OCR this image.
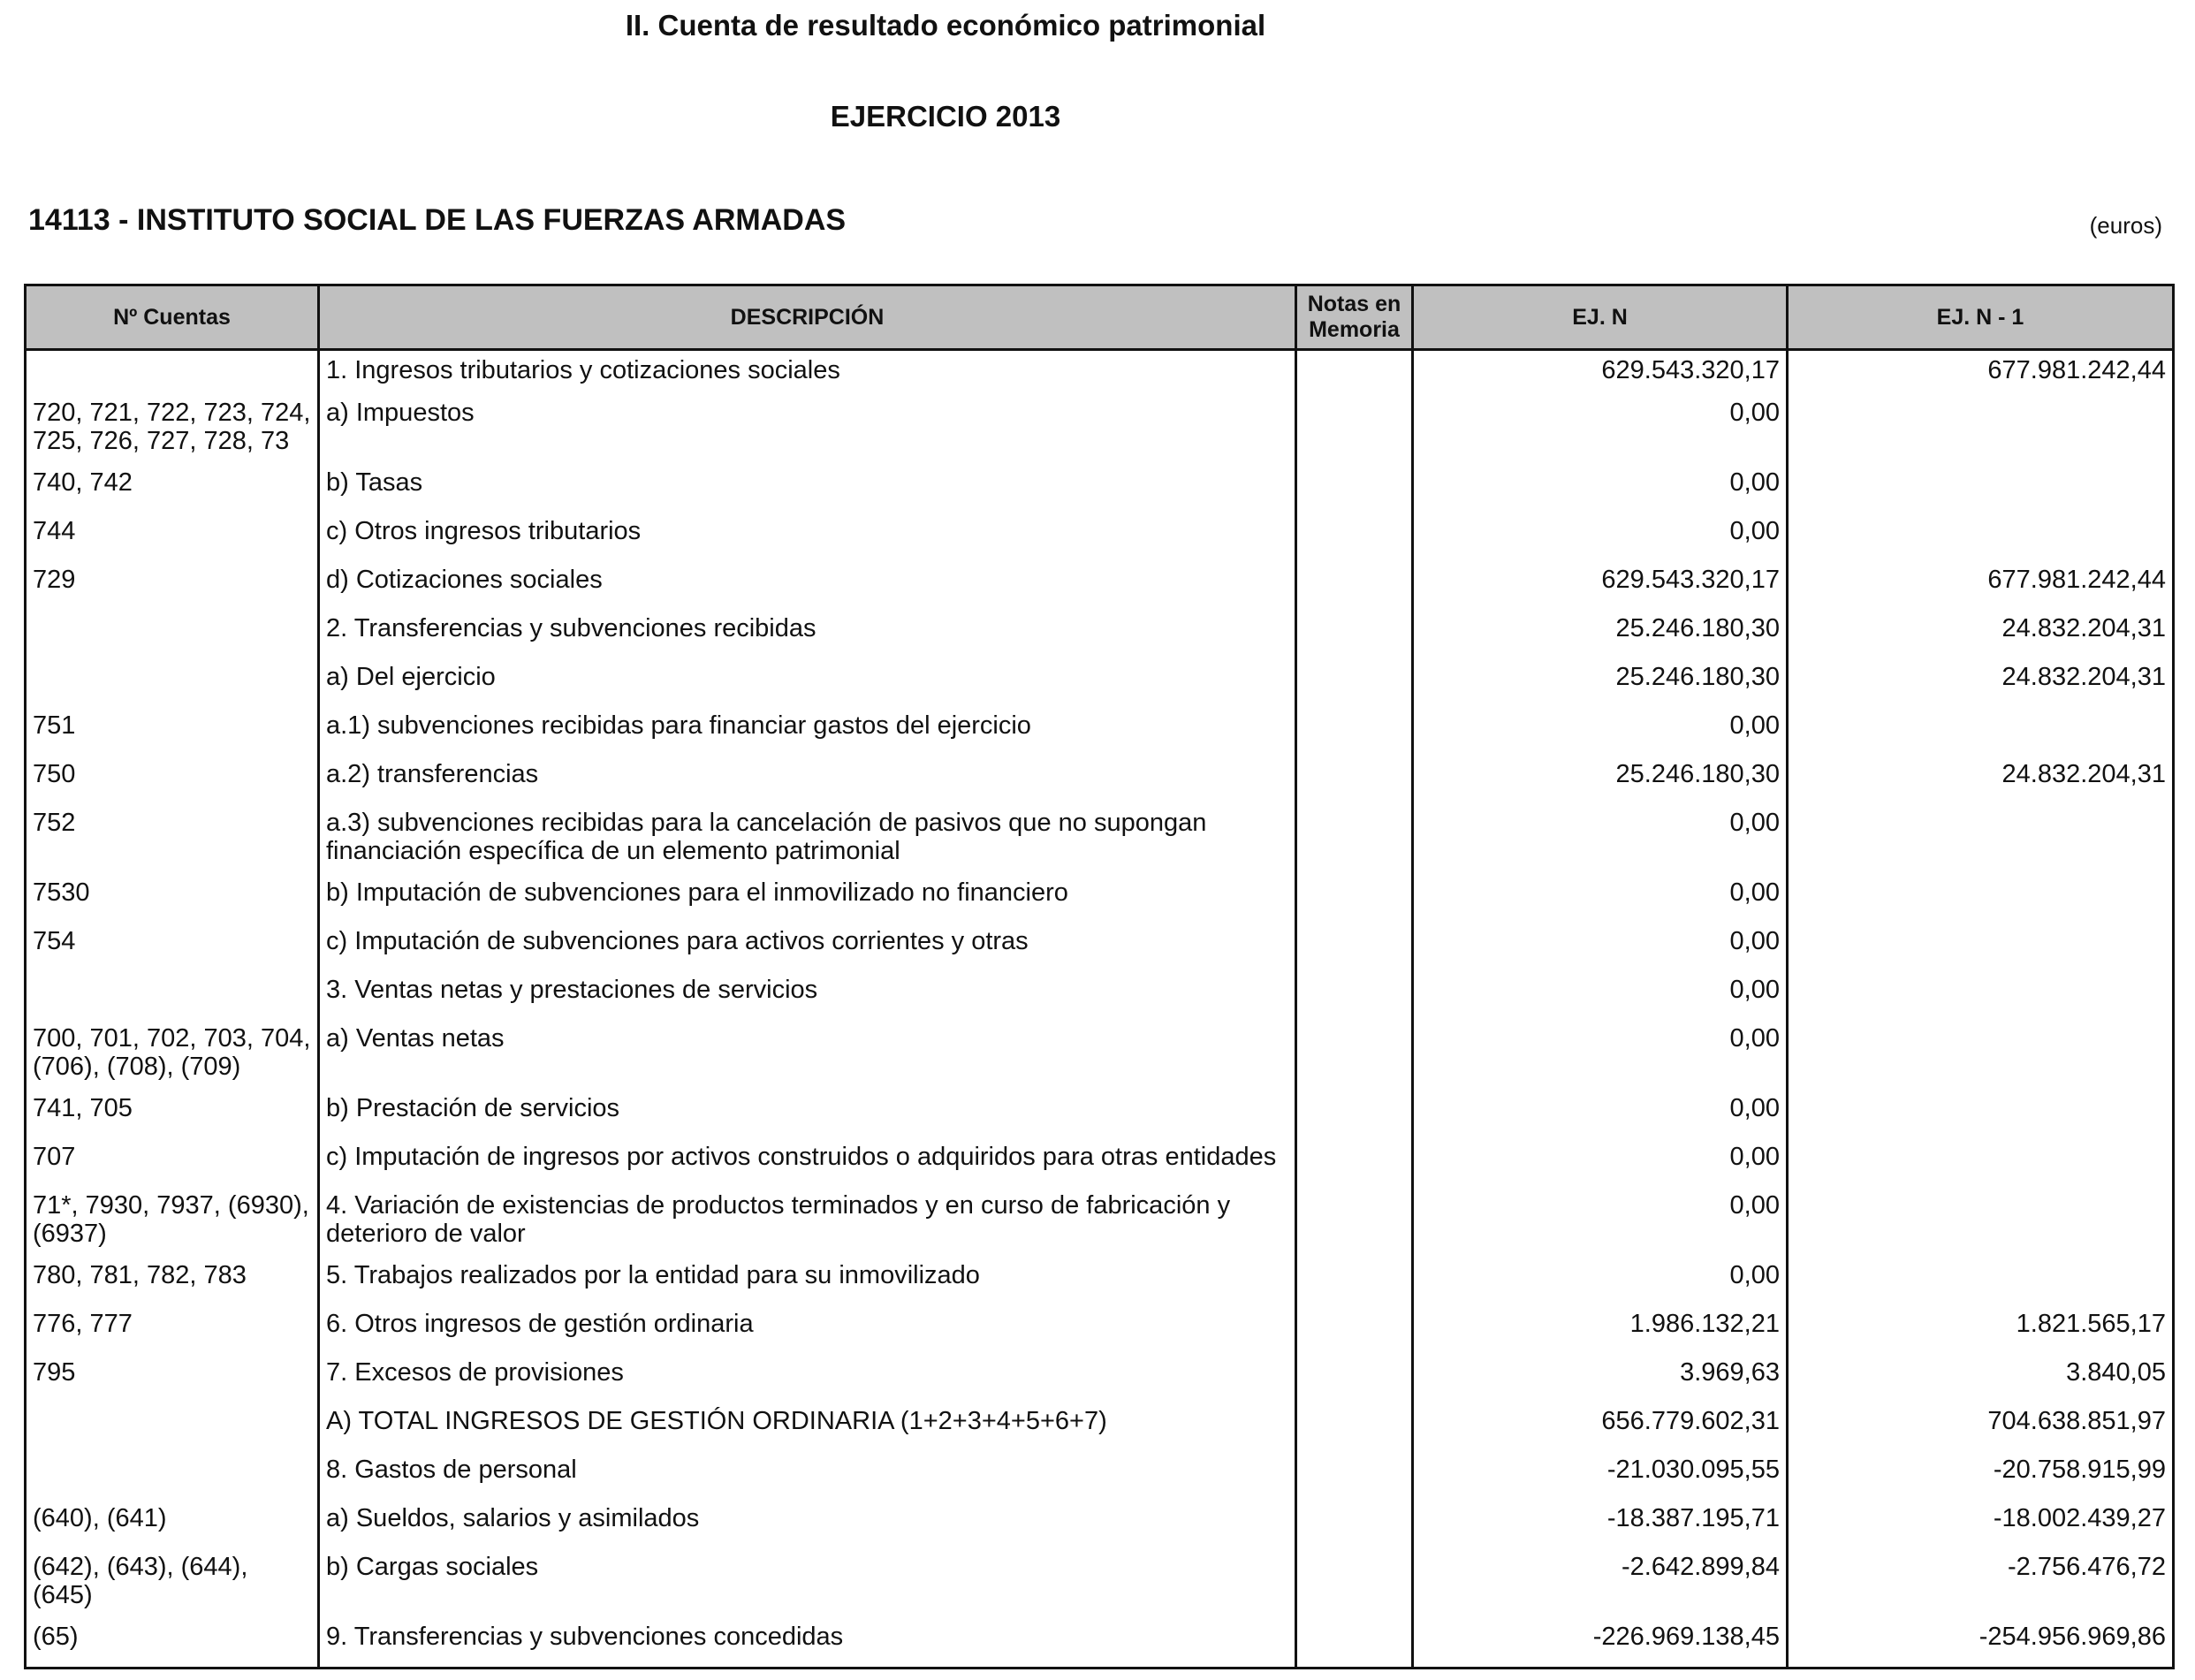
II. Cuenta de resultado económico patrimonial
EJERCICIO 2013
14113 - INSTITUTO SOCIAL DE LAS FUERZAS ARMADAS	(euros)
Nº Cuentas	DESCRIPCIÓN	Notas en Memoria	EJ. N	EJ. N - 1
	1. Ingresos tributarios y cotizaciones sociales		629.543.320,17	677.981.242,44
720, 721, 722, 723, 724, 725, 726, 727, 728, 73	a) Impuestos		0,00	
740, 742	b) Tasas		0,00	
744	c) Otros ingresos tributarios		0,00	
729	d) Cotizaciones sociales		629.543.320,17	677.981.242,44
	2. Transferencias y subvenciones recibidas		25.246.180,30	24.832.204,31
	a) Del ejercicio		25.246.180,30	24.832.204,31
751	a.1) subvenciones recibidas para financiar gastos del ejercicio		0,00	
750	a.2) transferencias		25.246.180,30	24.832.204,31
752	a.3) subvenciones recibidas para la cancelación de pasivos que no supongan financiación específica de un elemento patrimonial		0,00	
7530	b) Imputación de subvenciones para el inmovilizado no financiero		0,00	
754	c) Imputación de subvenciones para activos corrientes y otras		0,00	
	3. Ventas netas y prestaciones de servicios		0,00	
700, 701, 702, 703, 704, (706), (708), (709)	a) Ventas netas		0,00	
741, 705	b) Prestación de servicios		0,00	
707	c) Imputación de ingresos por activos construidos o adquiridos para otras entidades		0,00	
71*, 7930, 7937, (6930), (6937)	4. Variación de existencias de productos terminados y en curso de fabricación y deterioro de valor		0,00	
780, 781, 782, 783	5. Trabajos realizados por la entidad para su inmovilizado		0,00	
776, 777	6. Otros ingresos de gestión ordinaria		1.986.132,21	1.821.565,17
795	7. Excesos de provisiones		3.969,63	3.840,05
	A) TOTAL INGRESOS DE GESTIÓN ORDINARIA (1+2+3+4+5+6+7)		656.779.602,31	704.638.851,97
	8. Gastos de personal		-21.030.095,55	-20.758.915,99
(640), (641)	a) Sueldos, salarios y asimilados		-18.387.195,71	-18.002.439,27
(642), (643), (644), (645)	b) Cargas sociales		-2.642.899,84	-2.756.476,72
(65)	9. Transferencias y subvenciones concedidas		-226.969.138,45	-254.956.969,86
